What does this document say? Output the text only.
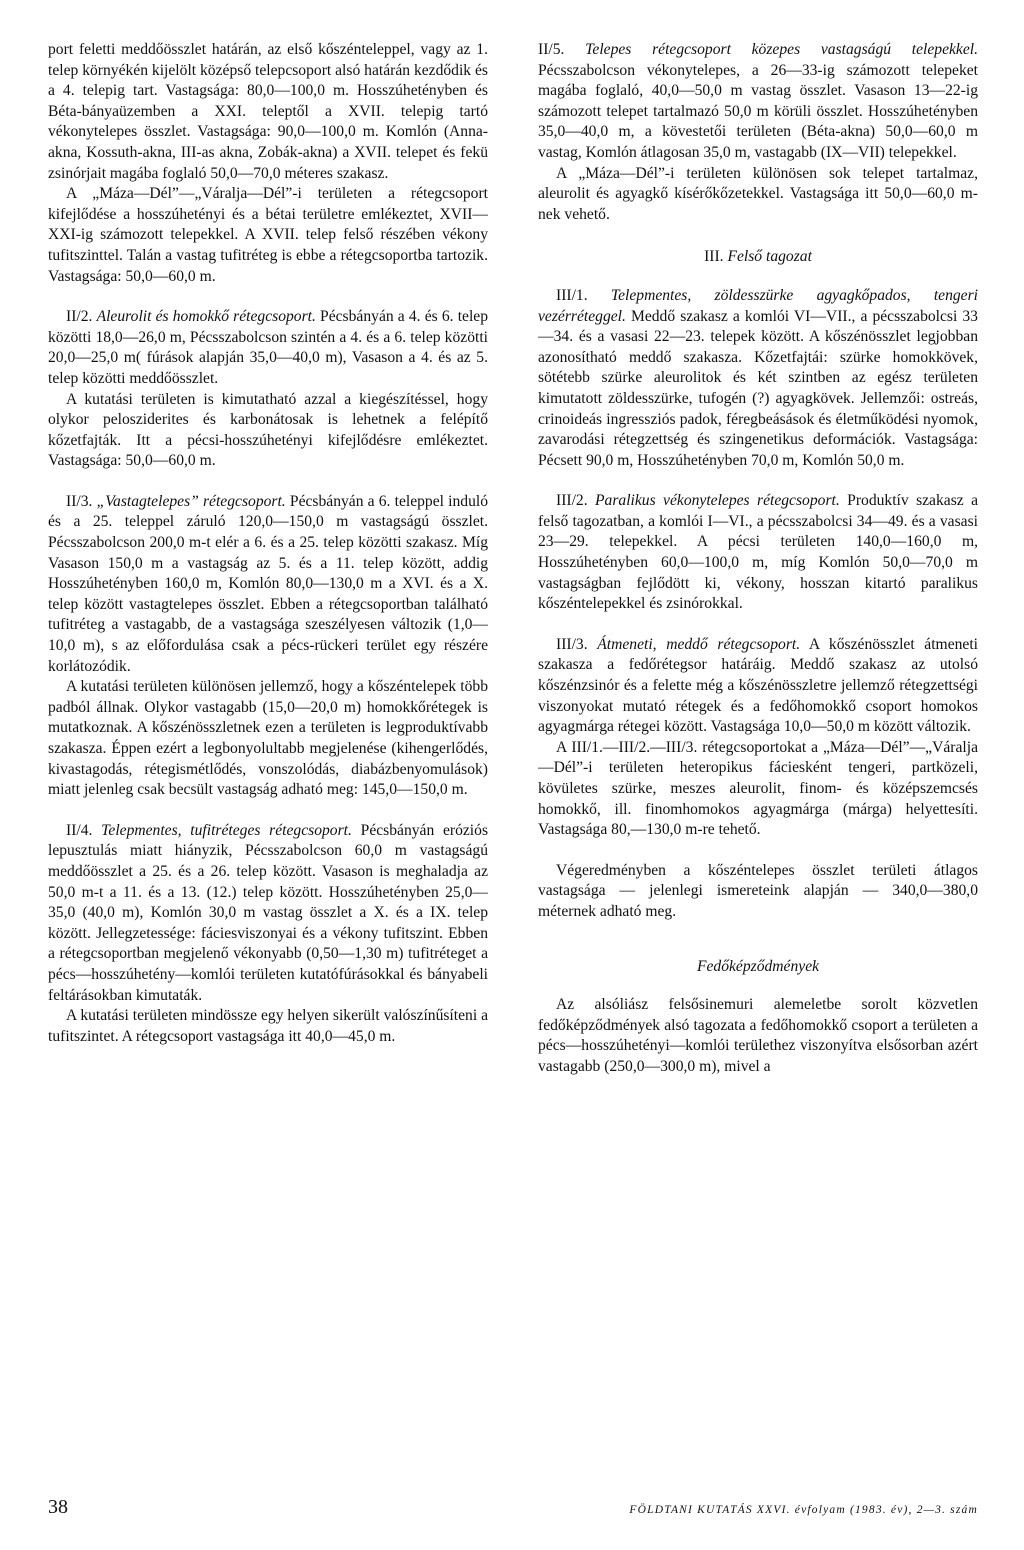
port feletti meddőösszlet határán, az első kőszénteleppel, vagy az 1. telep környékén kijelölt középső telepcsoport alsó határán kezdődik és a 4. telepig tart. Vastagsága: 80,0—100,0 m. Hosszúhetényben és Béta-bányaüzemben a XXI. teleptől a XVII. telepig tartó vékonytelepes összlet. Vastagsága: 90,0—100,0 m. Komlón (Anna-akna, Kossuth-akna, III-as akna, Zobák-akna) a XVII. telepet és fekü zsinórjait magába foglaló 50,0—70,0 méteres szakasz.

A „Máza—Dél”—„Váralja—Dél”-i területen a rétegcsoport kifejlődése a hosszúhetényi és a bétai területre emlékeztet, XVII—XXI-ig számozott telepekkel. A XVII. telep felső részében vékony tufitszinttel. Talán a vastag tufitréteg is ebbe a rétegcsoportba tartozik. Vastagsága: 50,0—60,0 m.

II/2. Aleurolit és homokkő rétegcsoport. Pécsbányán a 4. és 6. telep közötti 18,0—26,0 m, Pécsszabolcson szintén a 4. és a 6. telep közötti 20,0—25,0 m( fúrások alapján 35,0—40,0 m), Vasason a 4. és az 5. telep közötti meddőösszlet.

A kutatási területen is kimutatható azzal a kiegészítéssel, hogy olykor pelosziderites és karbonátosak is lehetnek a felépítő kőzetfajták. Itt a pécsi-hosszúhetényi kifejlődésre emlékeztet. Vastagsága: 50,0—60,0 m.

II/3. „Vastagtelepes” rétegcsoport. Pécsbányán a 6. teleppel induló és a 25. teleppel záruló 120,0—150,0 m vastagságú összlet. Pécsszabolcson 200,0 m-t elér a 6. és a 25. telep közötti szakasz. Míg Vasason 150,0 m a vastagság az 5. és a 11. telep között, addig Hosszúhetényben 160,0 m, Komlón 80,0—130,0 m a XVI. és a X. telep között vastagtelepes összlet. Ebben a rétegcsoportban található tufitréteg a vastagabb, de a vastagsága szeszélyesen változik (1,0—10,0 m), s az előfordulása csak a pécs-rückeri terület egy részére korlátozódik.

A kutatási területen különösen jellemző, hogy a kőszéntelepek több padból állnak. Olykor vastagabb (15,0—20,0 m) homokkőrétegek is mutatkoznak. A kőszénösszletnek ezen a területen is legproduktívabb szakasza. Éppen ezért a legbonyolultabb megjelenése (kihengerlődés, kivastagodás, rétegismétlődés, vonszolódás, diabázbenyomulások) miatt jelenleg csak becsült vastagság adható meg: 145,0—150,0 m.

II/4. Telepmentes, tufitréteges rétegcsoport. Pécsbányán eróziós lepusztulás miatt hiányzik, Pécsszabolcson 60,0 m vastagságú meddőösszlet a 25. és a 26. telep között. Vasason is meghaladja az 50,0 m-t a 11. és a 13. (12.) telep között. Hosszúhetényben 25,0—35,0 (40,0 m), Komlón 30,0 m vastag összlet a X. és a IX. telep között. Jellegzetessége: fáciesviszonyai és a vékony tufitszint. Ebben a rétegcsoportban megjelenő vékonyabb (0,50—1,30 m) tufitréteget a pécs—hosszúhetény—komlói területen kutatófúrásokkal és bányabeli feltárásokban kimutaták.

A kutatási területen mindössze egy helyen sikerült valószínűsíteni a tufitszintet. A rétegcsoport vastagsága itt 40,0—45,0 m.

II/5. Telepes rétegcsoport közepes vastagságú telepekkel. Pécsszabolcson vékonytelepes, a 26—33-ig számozott telepeket magába foglaló, 40,0—50,0 m vastag összlet. Vasason 13—22-ig számozott telepet tartalmazó 50,0 m körüli összlet. Hosszúhetényben 35,0—40,0 m, a kövestetői területen (Béta-akna) 50,0—60,0 m vastag, Komlón átlagosan 35,0 m, vastagabb (IX—VII) telepekkel.

A „Máza—Dél”-i területen különösen sok telepet tartalmaz, aleurolit és agyagkő kísérőkőzetekkel. Vastagsága itt 50,0—60,0 m-nek vehető.

III. Felső tagozat

III/1. Telepmentes, zöldesszürke agyagkőpados, tengeri vezérréteggel. Meddő szakasz a komlói VI—VII., a pécsszabolcsi 33—34. és a vasasi 22—23. telepek között. A kőszénösszlet legjobban azonosítható meddő szakasza. Kőzetfajtái: szürke homokkövek, sötétebb szürke aleurolitok és két szintben az egész területen kimutatott zöldesszürke, tufogén (?) agyagkövek. Jellemzői: ostreás, crinoideás ingressziós padok, féregbeásások és életműködési nyomok, zavarodási rétegzettség és szingenetikus deformációk. Vastagsága: Pécsett 90,0 m, Hosszúhetényben 70,0 m, Komlón 50,0 m.

III/2. Paralikus vékonytelepes rétegcsoport. Produktív szakasz a felső tagozatban, a komlói I—VI., a pécsszabolcsi 34—49. és a vasasi 23—29. telepekkel. A pécsi területen 140,0—160,0 m, Hosszúhetényben 60,0—100,0 m, míg Komlón 50,0—70,0 m vastagságban fejlődött ki, vékony, hosszan kitartó paralikus kőszéntelepekkel és zsinórokkal.

III/3. Átmeneti, meddő rétegcsoport. A kőszénösszlet átmeneti szakasza a fedőrétegsor határáig. Meddő szakasz az utolsó kőszénzsinór és a felette még a kőszénösszletre jellemző rétegzettségi viszonyokat mutató rétegek és a fedőhomokkő csoport homokos agyagmárga rétegei között. Vastagsága 10,0—50,0 m között változik.

A III/1.—III/2.—III/3. rétegcsoportokat a „Máza—Dél”—„Váralja—Dél”-i területen heteropikus fáciesként tengeri, partközeli, kövületes szürke, meszes aleurolit, finom- és középszemcsés homokkő, ill. finomhomokos agyagmárga (márga) helyettesíti. Vastagsága 80,—130,0 m-re tehető.

Végeredményben a kőszéntelepes összlet területi átlagos vastagsága — jelenlegi ismereteink alapján — 340,0—380,0 méternek adható meg.

Fedőképződmények

Az alsóliász felsősinemuri alemeletbe sorolt közvetlen fedőképződmények alsó tagozata a fedőhomokkő csoport a területen a pécs—hosszúhetényi—komlói területhez viszonyítva elsősorban azért vastagabb (250,0—300,0 m), mivel a

38	FÖLDTANI KUTATÁS XXVI. évfolyam (1983. év), 2—3. szám
